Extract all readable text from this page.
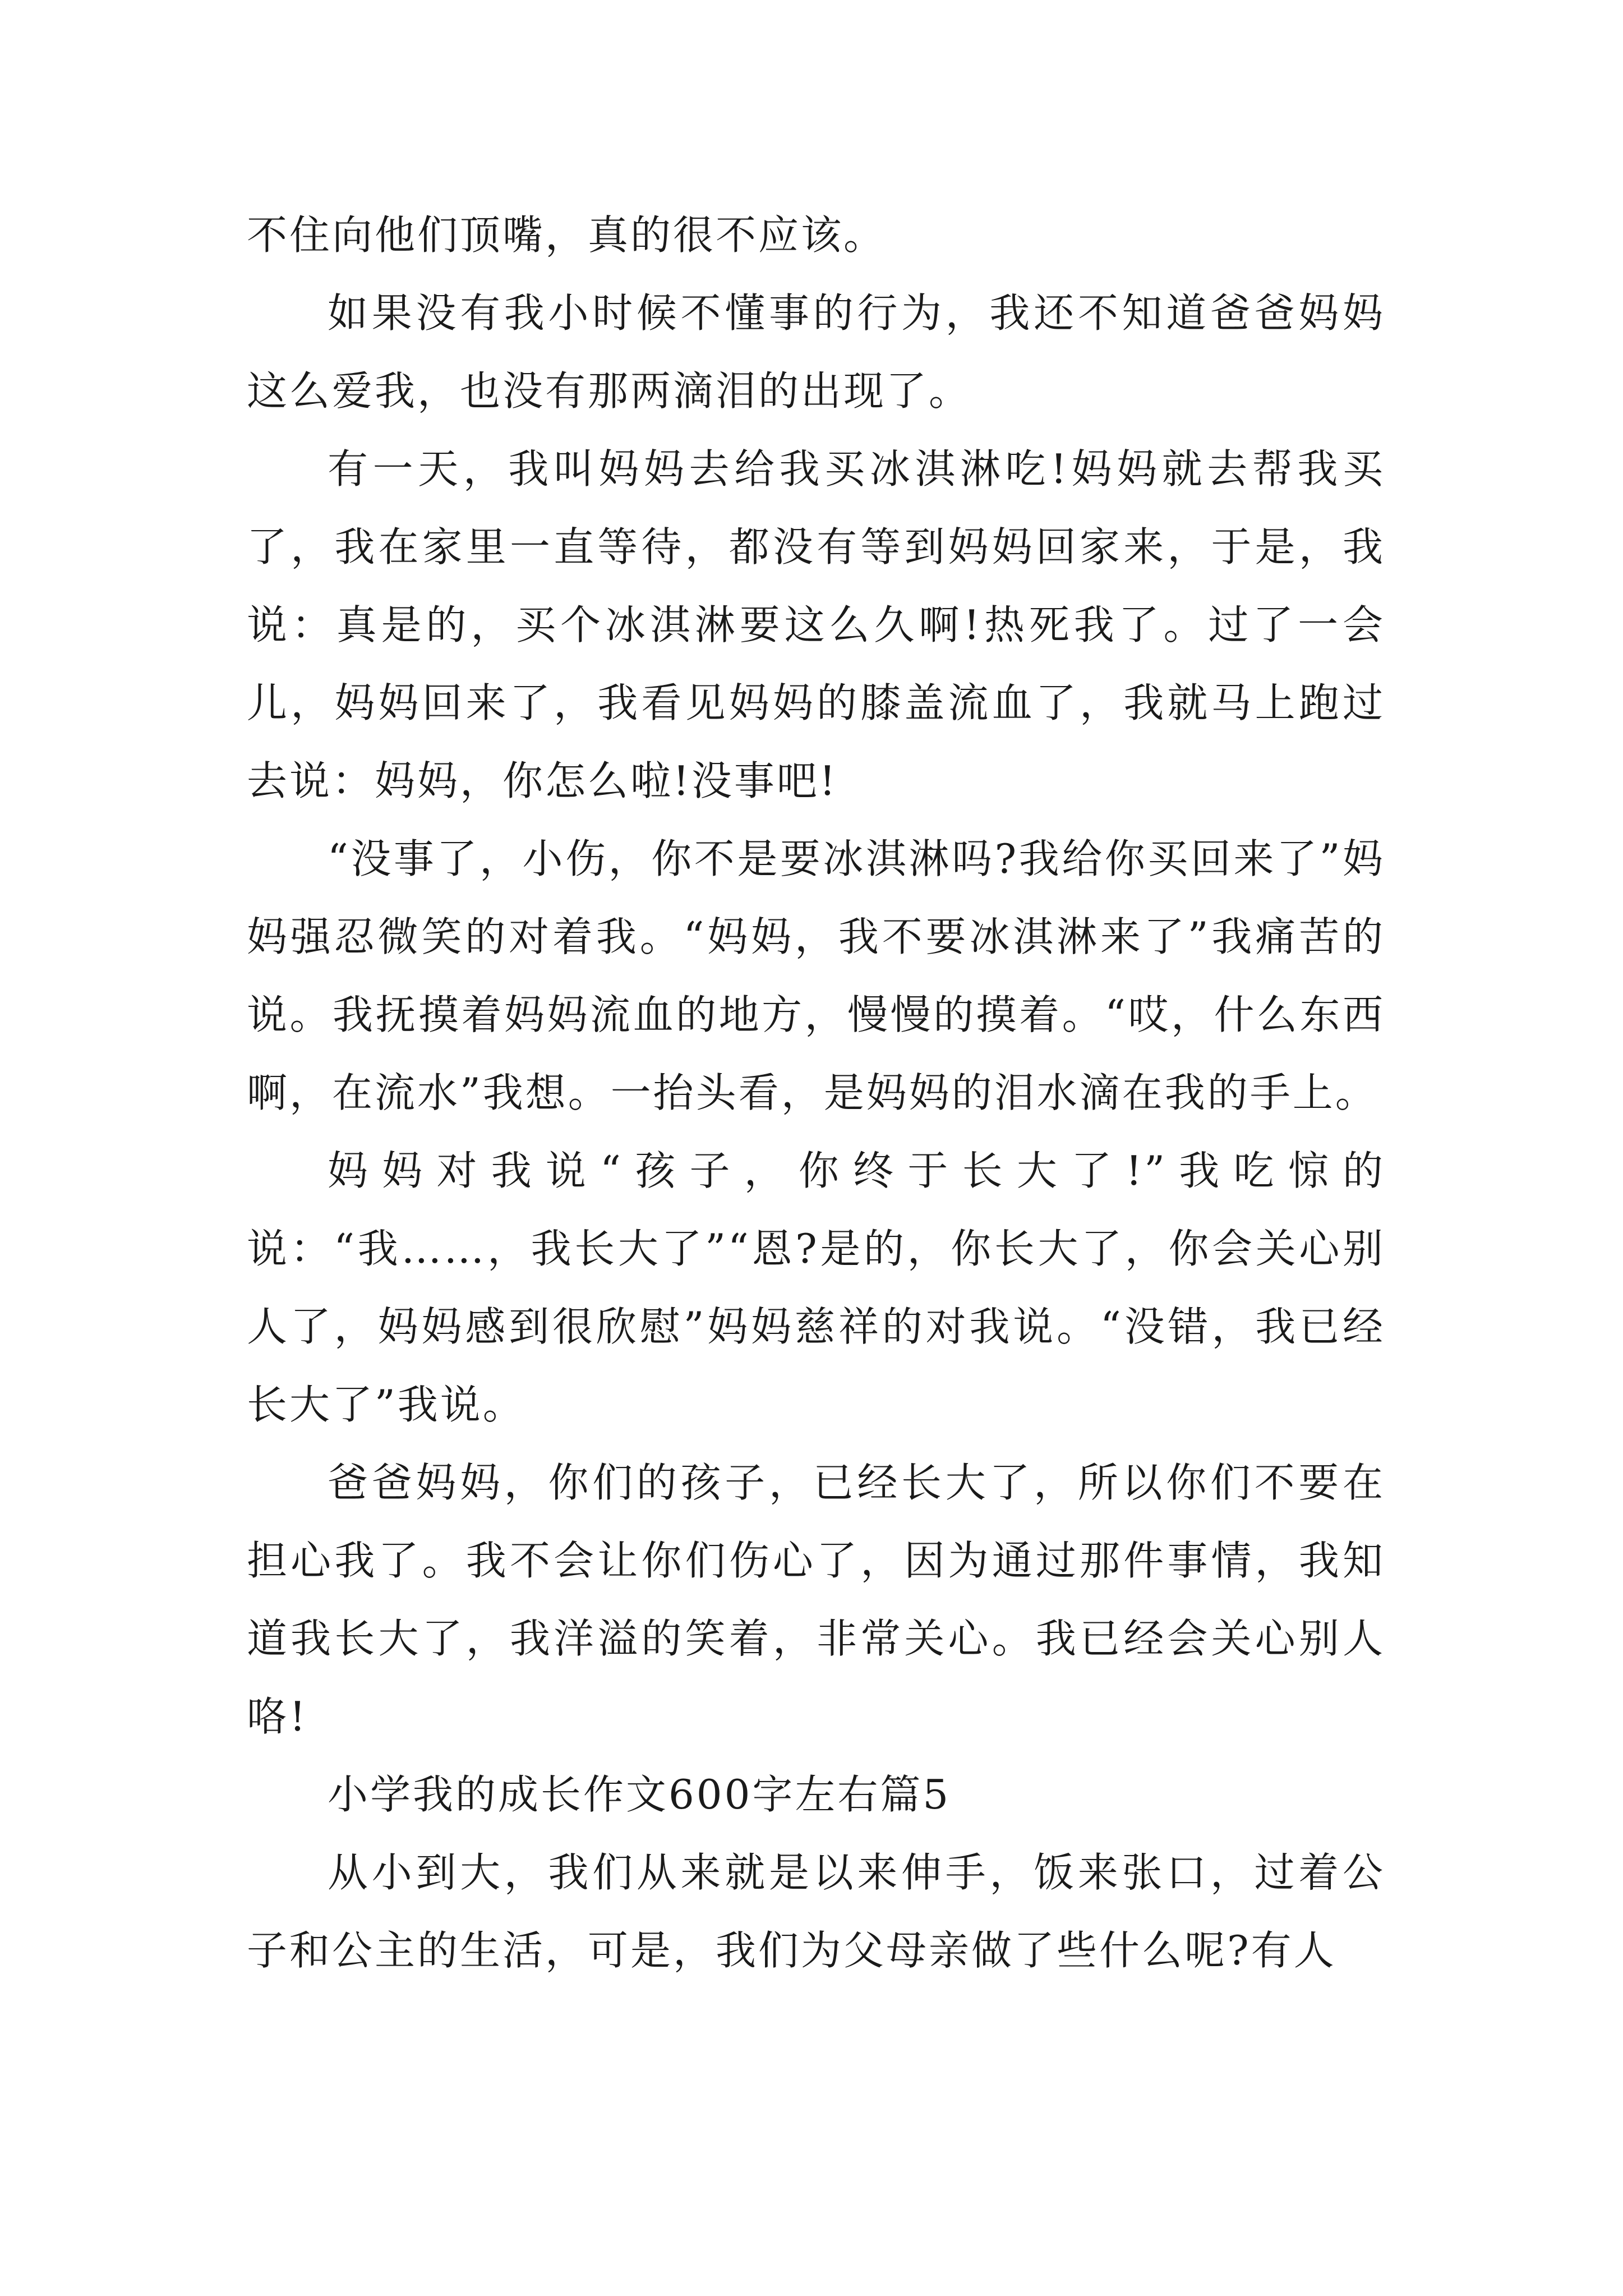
不住向他们顶嘴，真的很不应该。

如果没有我小时候不懂事的行为，我还不知道爸爸妈妈这么爱我，也没有那两滴泪的出现了。

有一天，我叫妈妈去给我买冰淇淋吃!妈妈就去帮我买了，我在家里一直等待，都没有等到妈妈回家来，于是，我说：真是的，买个冰淇淋要这么久啊!热死我了。过了一会儿，妈妈回来了，我看见妈妈的膝盖流血了，我就马上跑过去说：妈妈，你怎么啦!没事吧!

“没事了，小伤，你不是要冰淇淋吗?我给你买回来了”妈妈强忍微笑的对着我。“妈妈，我不要冰淇淋来了”我痛苦的说。我抚摸着妈妈流血的地方，慢慢的摸着。“哎，什么东西啊，在流水”我想。一抬头看，是妈妈的泪水滴在我的手上。

妈妈对我说“孩子，你终于长大了!”我吃惊的说：“我……，我长大了”“恩?是的，你长大了，你会关心别人了，妈妈感到很欣慰”妈妈慈祥的对我说。“没错，我已经长大了”我说。

爸爸妈妈，你们的孩子，已经长大了，所以你们不要在担心我了。我不会让你们伤心了，因为通过那件事情，我知道我长大了，我洋溢的笑着，非常关心。我已经会关心别人咯!

小学我的成长作文600字左右篇5

从小到大，我们从来就是以来伸手，饭来张口，过着公子和公主的生活，可是，我们为父母亲做了些什么呢?有人
